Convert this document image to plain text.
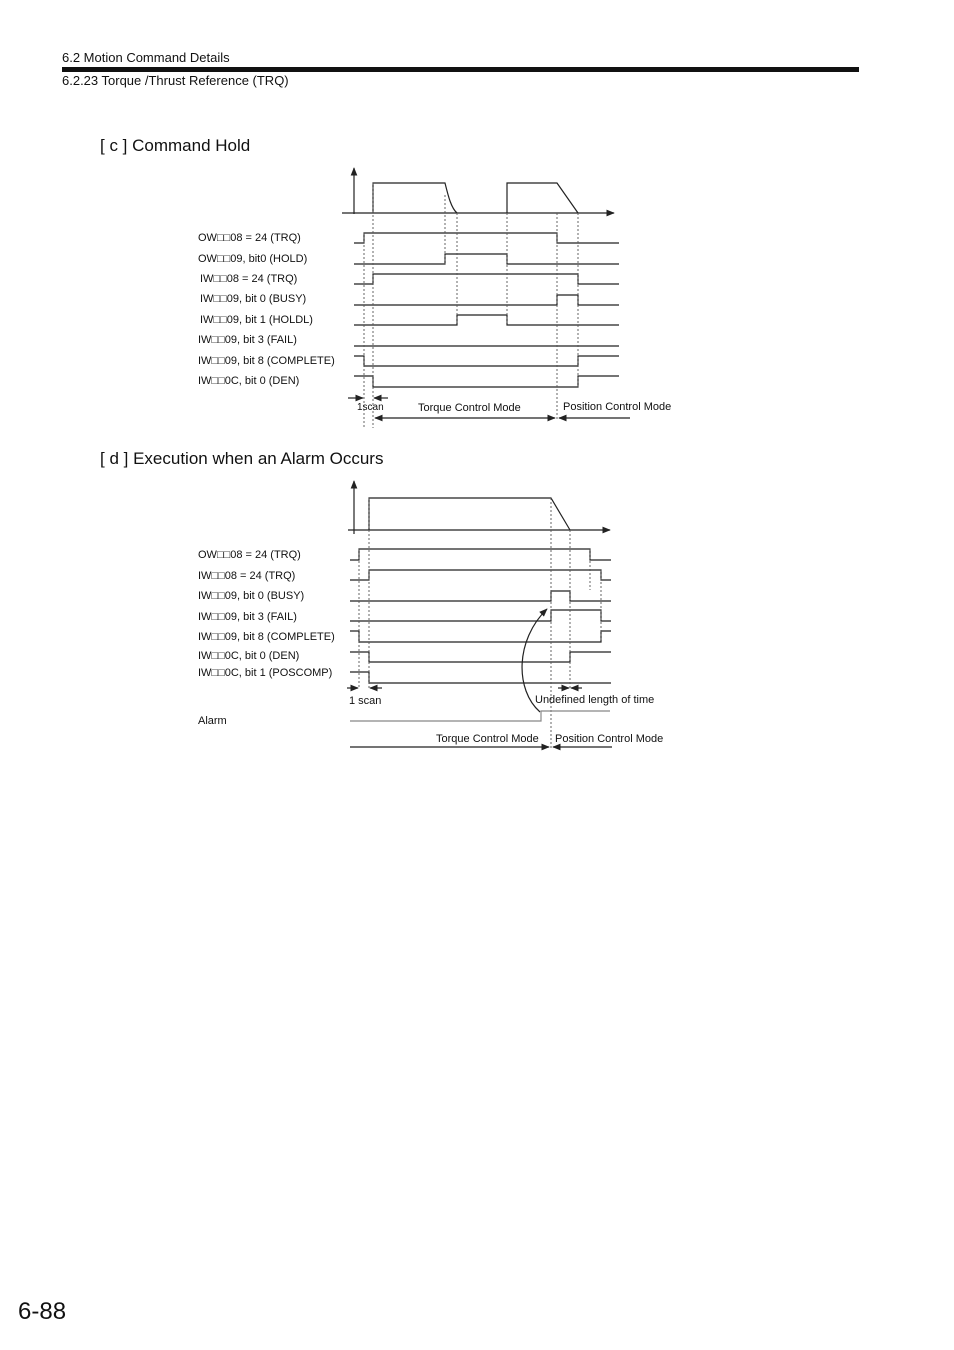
6.2 Motion Command Details
6.2.23 Torque /Thrust Reference (TRQ)
[ c ] Command Hold
[ d ] Execution when an Alarm Occurs
OW□□08 = 24 (TRQ)
OW□□09, bit0 (HOLD)
IW□□08 = 24 (TRQ)
IW□□09, bit 0 (BUSY)
IW□□09, bit 1 (HOLDL)
IW□□09, bit 3 (FAIL)
IW□□09, bit 8 (COMPLETE)
IW□□0C, bit 0 (DEN)
1scan	Torque Control Mode	Position Control Mode
OW□□08 = 24 (TRQ)
IW□□08 = 24 (TRQ)
IW□□09, bit 0 (BUSY)
IW□□09, bit 3 (FAIL)
IW□□09, bit 8 (COMPLETE)
IW□□0C, bit 0 (DEN)
IW□□0C, bit 1 (POSCOMP)
1 scan	Undefined length of time
Alarm
Torque Control Mode Position Control Mode
6-88
